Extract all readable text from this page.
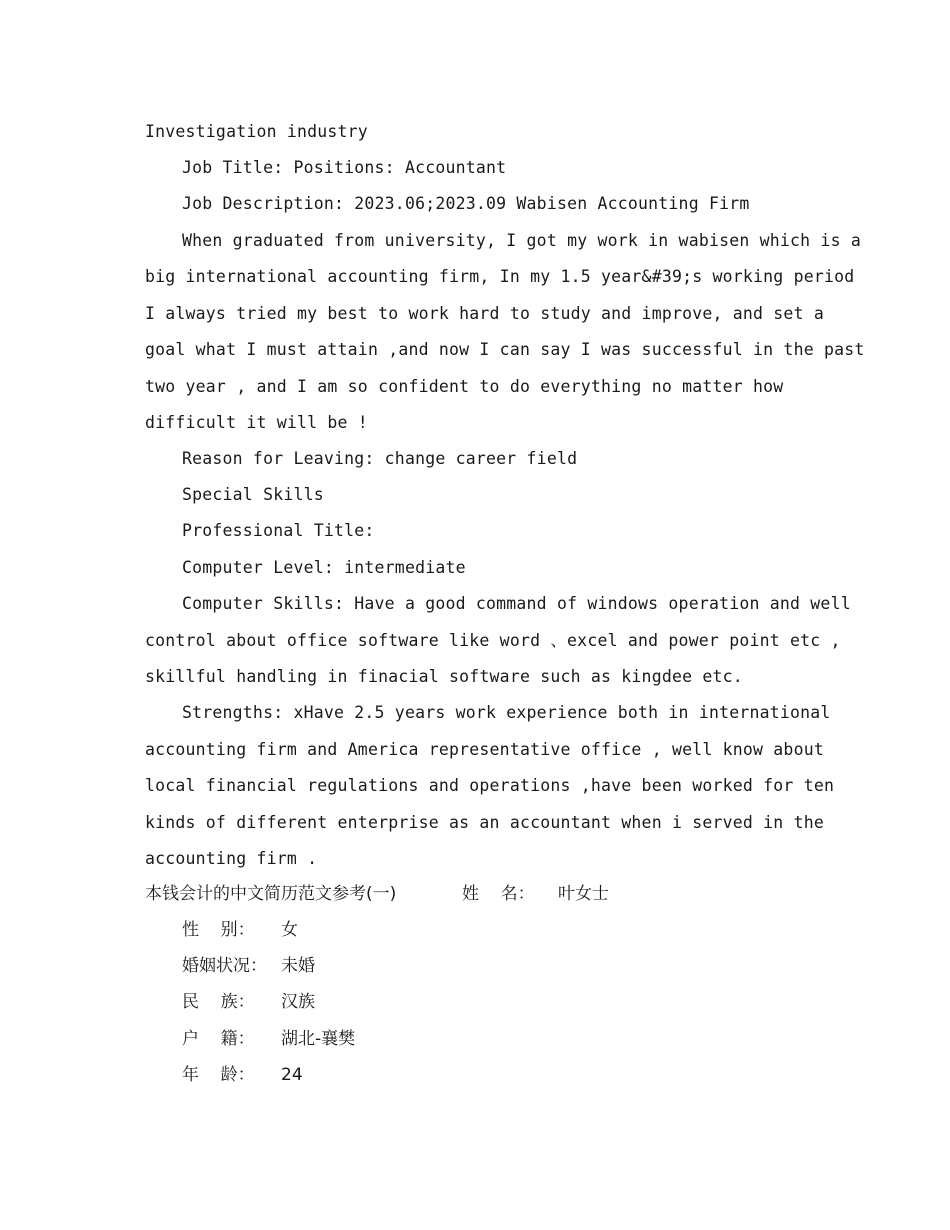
Investigation industry
Job Title: Positions: Accountant
Job Description: 2023.06;2023.09 Wabisen Accounting Firm
When graduated from university, I got my work in wabisen which is a
big international accounting firm, In my 1.5 year&#39;s working period
I always tried my best to work hard to study and improve, and set a
goal what I must attain ,and now I can say I was successful in the past
two year , and I am so confident to do everything no matter how
difficult it will be !
Reason for Leaving: change career field
Special Skills
Professional Title:
Computer Level: intermediate
Computer Skills: Have a good command of windows operation and well
control about office software like word 、excel and power point etc ,
skillful handling in finacial software such as kingdee etc.
Strengths: xHave 2.5 years work experience both in international
accounting firm and America representative office , well know about
local financial regulations and operations ,have been worked for ten
kinds of different enterprise as an accountant when i served in the
accounting firm .
本钱会计的中文简历范文参考(一)	姓    名： 叶女士
性    别： 女
婚姻状况： 未婚
民    族： 汉族
户    籍： 湖北-襄樊
年    龄： 24
